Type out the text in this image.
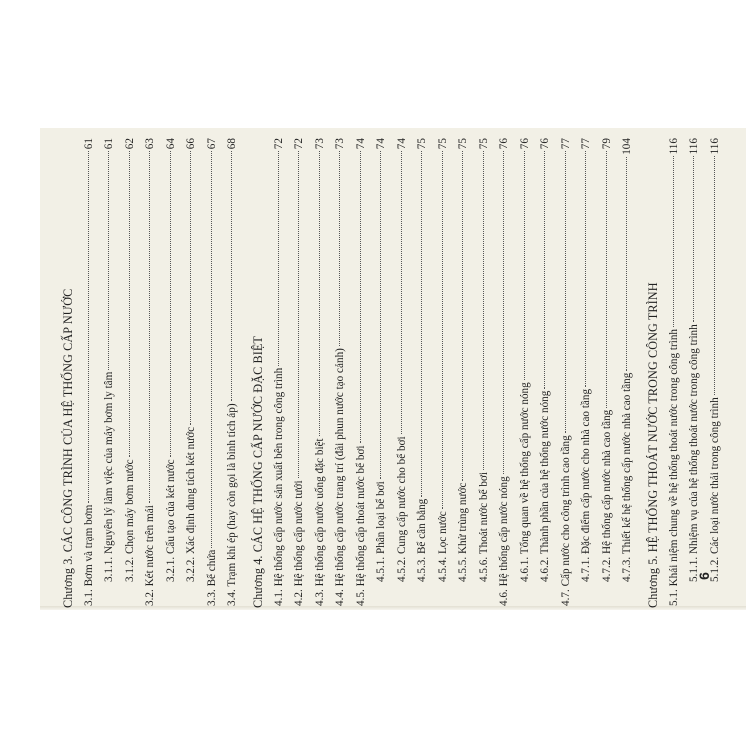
Chương 3. CÁC CÔNG TRÌNH CỦA HỆ THỐNG CẤP NƯỚC 3.1. Bơm và trạm bơm
61
3.1.1. Nguyên lý làm việc của máy bơm ly tâm
61
3.1.2. Chọn máy bơm nước
62
3.2. Két nước trên mái
63
3.2.1. Cấu tạo của két nước
64
3.2.2. Xác định dung tích két nước
66
3.3. Bể chứa
67
3.4. Trạm khí ép (hay còn gọi là bình tích áp)
68
Chương 4. CÁC HỆ THỐNG CẤP NƯỚC ĐẶC BIỆT 4.1. Hệ thống cấp nước sản xuất bên trong công trình
72
4.2. Hệ thống cấp nước tưới
72
4.3. Hệ thống cấp nước uống đặc biệt
73
4.4. Hệ thống cấp nước trang trí (đài phun nước tạo cảnh)
73
4.5. Hệ thống cấp thoát nước bể bơi
74
4.5.1. Phân loại bể bơi
74
4.5.2. Cung cấp nước cho bể bơi
74
4.5.3. Bể cân bằng
75
4.5.4. Lọc nước
75
4.5.5. Khử trùng nước
75
4.5.6. Thoát nước bể bơi
75
4.6. Hệ thống cấp nước nóng
76
4.6.1. Tổng quan về hệ thống cấp nước nóng
76
4.6.2. Thành phần của hệ thống nước nóng
76
4.7. Cấp nước cho công trình cao tầng
77
4.7.1. Đặc điểm cấp nước cho nhà cao tầng
77
4.7.2. Hệ thống cấp nước nhà cao tầng
79
4.7.3. Thiết kế hệ thống cấp nước nhà cao tầng
104
Chương 5. HỆ THỐNG THOÁT NƯỚC TRONG CÔNG TRÌNH 5.1. Khái niệm chung về hệ thống thoát nước trong công trình
116
5.1.1. Nhiệm vụ của hệ thống thoát nước trong công trình
116
5.1.2. Các loại nước thải trong công trình
116
6
